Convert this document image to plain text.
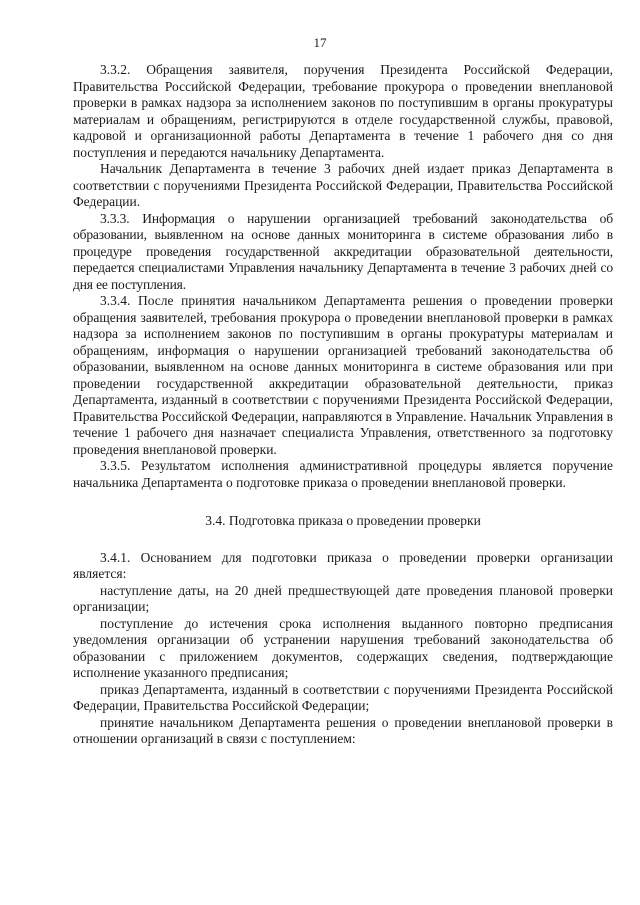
17

3.3.2. Обращения заявителя, поручения Президента Российской Федерации, Правительства Российской Федерации, требование прокурора о проведении внеплановой проверки в рамках надзора за исполнением законов по поступившим в органы прокуратуры материалам и обращениям, регистрируются в отделе государственной службы, правовой, кадровой и организационной работы Департамента в течение 1 рабочего дня со дня поступления и передаются начальнику Департамента.

Начальник Департамента в течение 3 рабочих дней издает приказ Департамента в соответствии с поручениями Президента Российской Федерации, Правительства Российской Федерации.

3.3.3. Информация о нарушении организацией требований законодательства об образовании, выявленном на основе данных мониторинга в системе образования либо в процедуре проведения государственной аккредитации образовательной деятельности, передается специалистами Управления начальнику Департамента в течение 3 рабочих дней со дня ее поступления.

3.3.4. После принятия начальником Департамента решения о проведении проверки обращения заявителей, требования прокурора о проведении внеплановой проверки в рамках надзора за исполнением законов по поступившим в органы прокуратуры материалам и обращениям, информация о нарушении организацией требований законодательства об образовании, выявленном на основе данных мониторинга в системе образования или при проведении государственной аккредитации образовательной деятельности, приказ Департамента, изданный в соответствии с поручениями Президента Российской Федерации, Правительства Российской Федерации, направляются в Управление. Начальник Управления в течение 1 рабочего дня назначает специалиста Управления, ответственного за подготовку проведения внеплановой проверки.

3.3.5. Результатом исполнения административной процедуры является поручение начальника Департамента о подготовке приказа о проведении внеплановой проверки.

3.4. Подготовка приказа о проведении проверки

3.4.1. Основанием для подготовки приказа о проведении проверки организации является:

наступление даты, на 20 дней предшествующей дате проведения плановой проверки организации;

поступление до истечения срока исполнения выданного повторно предписания уведомления организации об устранении нарушения требований законодательства об образовании с приложением документов, содержащих сведения, подтверждающие исполнение указанного предписания;

приказ Департамента, изданный в соответствии с поручениями Президента Российской Федерации, Правительства Российской Федерации;

принятие начальником Департамента решения о проведении внеплановой проверки в отношении организаций в связи с поступлением:
